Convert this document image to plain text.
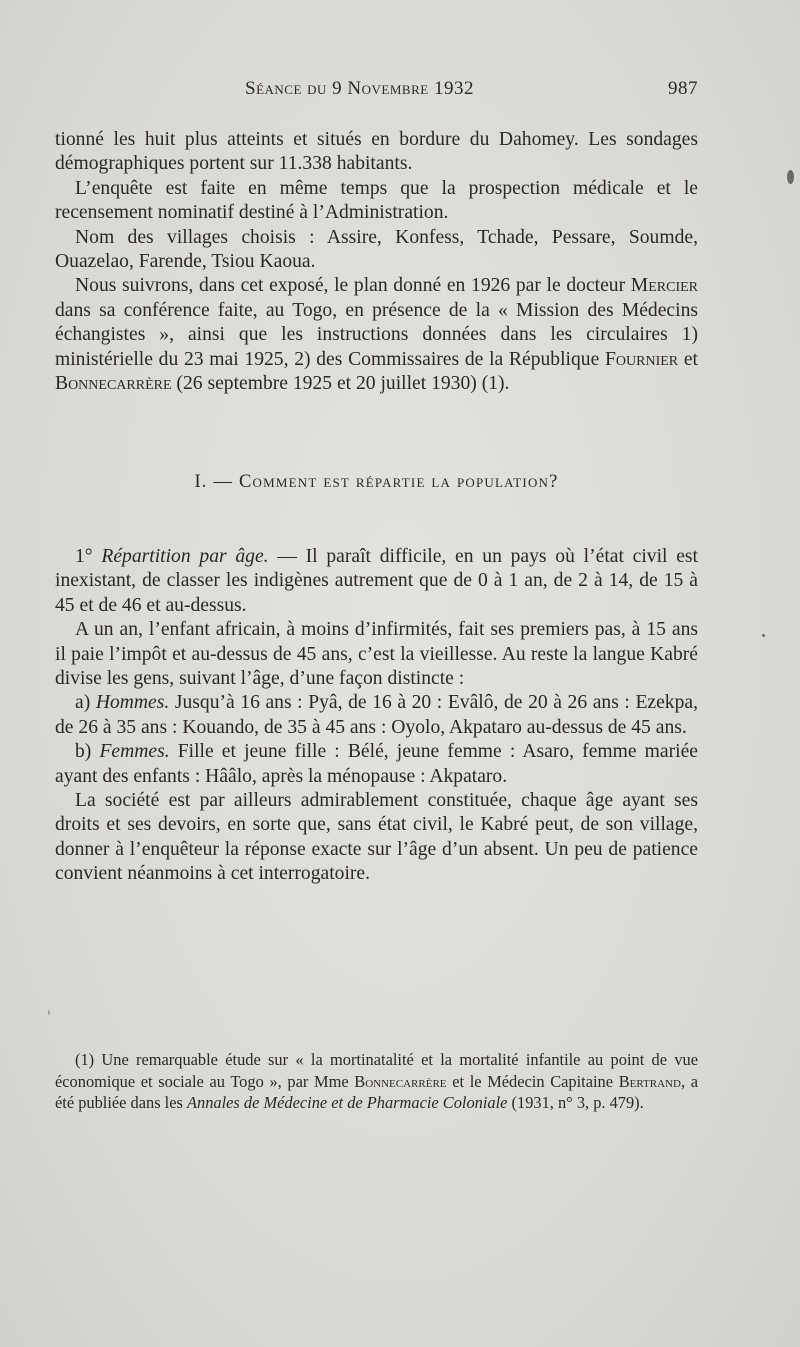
Séance du 9 Novembre 1932	987

tionné les huit plus atteints et situés en bordure du Dahomey. Les sondages démographiques portent sur 11.338 habitants.

L’enquête est faite en même temps que la prospection médicale et le recensement nominatif destiné à l’Administration.

Nom des villages choisis : Assire, Konfess, Tchade, Pessare, Soumde, Ouazelao, Farende, Tsiou Kaoua.

Nous suivrons, dans cet exposé, le plan donné en 1926 par le docteur Mercier dans sa conférence faite, au Togo, en présence de la « Mission des Médecins échangistes », ainsi que les instructions données dans les circulaires 1) ministérielle du 23 mai 1925, 2) des Commissaires de la République Fournier et Bonnecarrère (26 septembre 1925 et 20 juillet 1930) (1).

I. — Comment est répartie la population?

1° Répartition par âge. — Il paraît difficile, en un pays où l’état civil est inexistant, de classer les indigènes autrement que de 0 à 1 an, de 2 à 14, de 15 à 45 et de 46 et au-dessus.

A un an, l’enfant africain, à moins d’infirmités, fait ses premiers pas, à 15 ans il paie l’impôt et au-dessus de 45 ans, c’est la vieillesse. Au reste la langue Kabré divise les gens, suivant l’âge, d’une façon distincte :

a) Hommes. Jusqu’à 16 ans : Pyâ, de 16 à 20 : Evâlô, de 20 à 26 ans : Ezekpa, de 26 à 35 ans : Kouando, de 35 à 45 ans : Oyolo, Akpataro au-dessus de 45 ans.

b) Femmes. Fille et jeune fille : Bélé, jeune femme : Asaro, femme mariée ayant des enfants : Hââlo, après la ménopause : Akpataro.

La société est par ailleurs admirablement constituée, chaque âge ayant ses droits et ses devoirs, en sorte que, sans état civil, le Kabré peut, de son village, donner à l’enquêteur la réponse exacte sur l’âge d’un absent. Un peu de patience convient néanmoins à cet interrogatoire.

(1) Une remarquable étude sur « la mortinatalité et la mortalité infantile au point de vue économique et sociale au Togo », par Mme Bonnecarrère et le Médecin Capitaine Bertrand, a été publiée dans les Annales de Médecine et de Pharmacie Coloniale (1931, n° 3, p. 479).
